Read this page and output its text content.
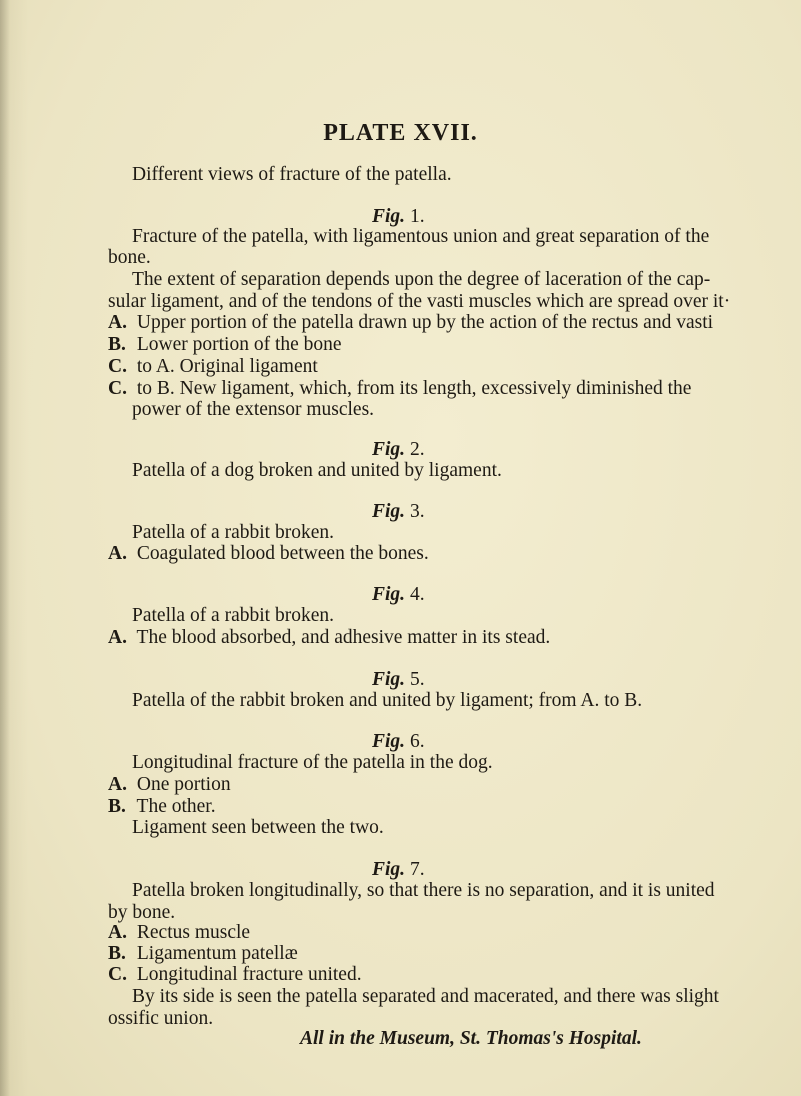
PLATE XVII.
Different views of fracture of the patella.
Fig. 1.
Fracture of the patella, with ligamentous union and great separation of the
bone.
The extent of separation depends upon the degree of laceration of the cap-
sular ligament, and of the tendons of the vasti muscles which are spread over it·
A. Upper portion of the patella drawn up by the action of the rectus and vasti
B. Lower portion of the bone
C. to A. Original ligament
C. to B. New ligament, which, from its length, excessively diminished the
power of the extensor muscles.
Fig. 2.
Patella of a dog broken and united by ligament.
Fig. 3.
Patella of a rabbit broken.
A. Coagulated blood between the bones.
Fig. 4.
Patella of a rabbit broken.
A. The blood absorbed, and adhesive matter in its stead.
Fig. 5.
Patella of the rabbit broken and united by ligament; from A. to B.
Fig. 6.
Longitudinal fracture of the patella in the dog.
A. One portion
B. The other.
Ligament seen between the two.
Fig. 7.
Patella broken longitudinally, so that there is no separation, and it is united
by bone.
A. Rectus muscle
B. Ligamentum patellæ
C. Longitudinal fracture united.
By its side is seen the patella separated and macerated, and there was slight
ossific union.
All in the Museum, St. Thomas's Hospital.
